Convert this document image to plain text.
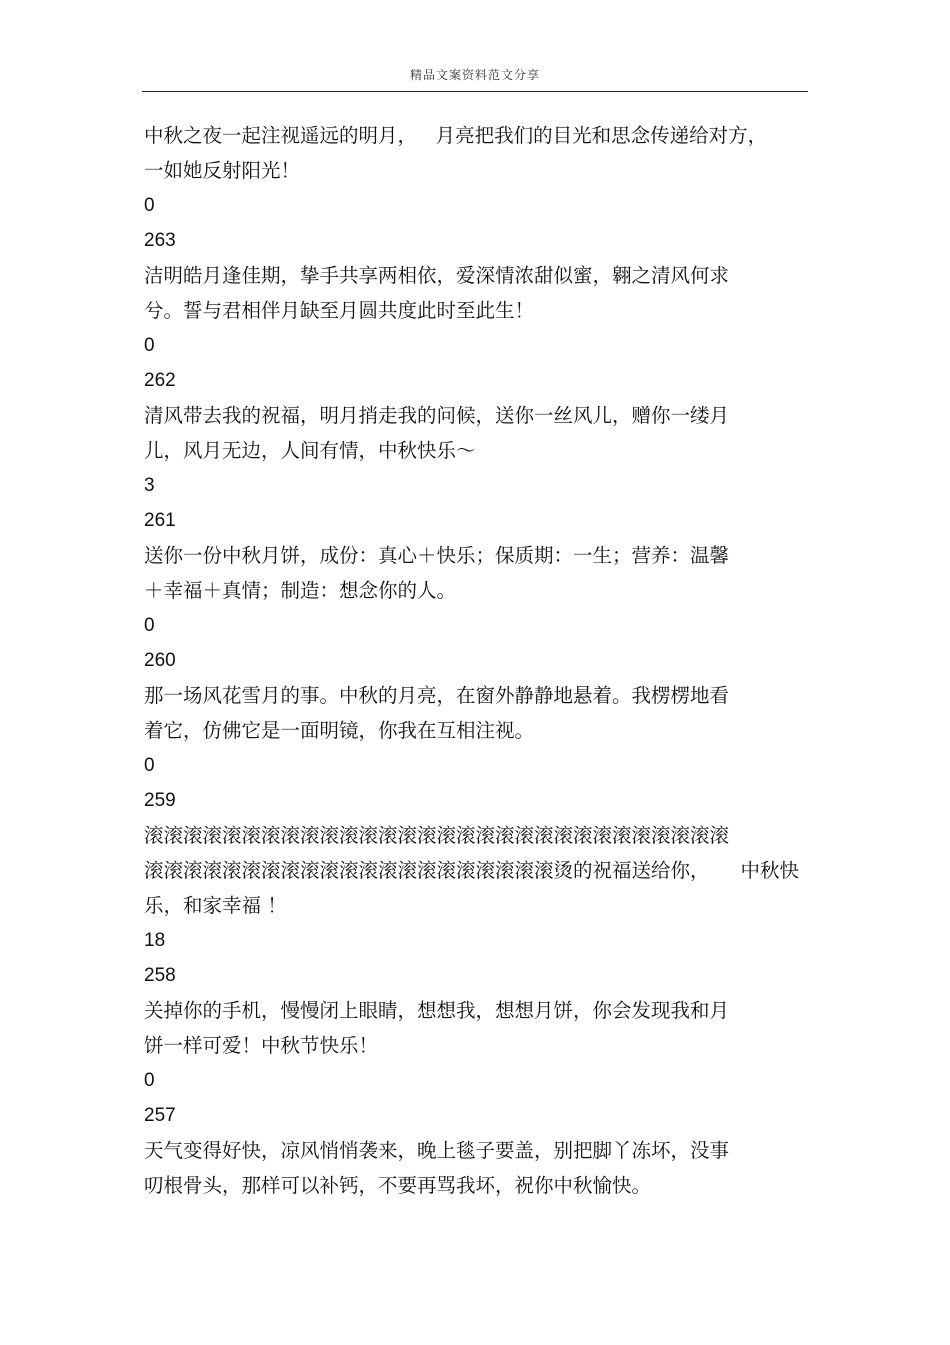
精品文案资料范文分享

中秋之夜一起注视遥远的明月，   月亮把我们的目光和思念传递给对方，

一如她反射阳光！

0

263

洁明皓月逢佳期，挚手共享两相依，爱深情浓甜似蜜，翱之清风何求

兮。誓与君相伴月缺至月圆共度此时至此生！

0

262

清风带去我的祝福，明月捎走我的问候，送你一丝风儿，赠你一缕月

儿，风月无边，人间有情，中秋快乐～

3

261

送你一份中秋月饼，成份：真心＋快乐；保质期：一生；营养：温馨

＋幸福＋真情；制造：想念你的人。

0

260

那一场风花雪月的事。中秋的月亮，在窗外静静地悬着。我楞楞地看

着它，仿佛它是一面明镜，你我在互相注视。

0

259

滚滚滚滚滚滚滚滚滚滚滚滚滚滚滚滚滚滚滚滚滚滚滚滚滚滚滚滚滚滚

滚滚滚滚滚滚滚滚滚滚滚滚滚滚滚滚滚滚滚滚滚烫的祝福送给你，     中秋快

乐，和家幸福 ！

18

258

关掉你的手机，慢慢闭上眼睛，想想我，想想月饼，你会发现我和月

饼一样可爱！中秋节快乐！

0

257

天气变得好快，凉风悄悄袭来，晚上毯子要盖，别把脚丫冻坏，没事

叨根骨头，那样可以补钙，不要再骂我坏，祝你中秋愉快。
